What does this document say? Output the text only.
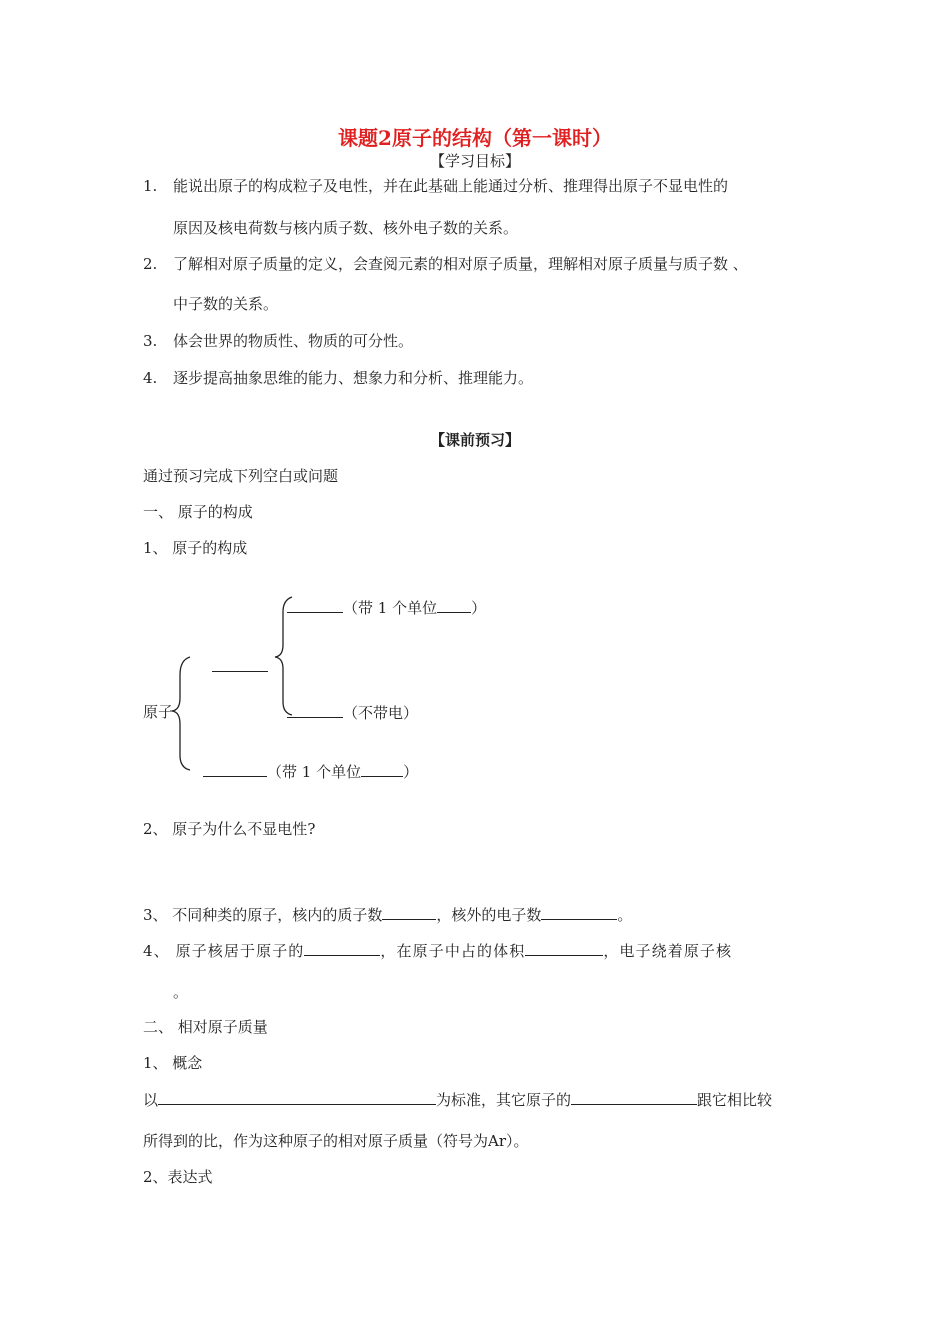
课题2原子的结构（第一课时）
【学习目标】
1. 能说出原子的构成粒子及电性，并在此基础上能通过分析、推理得出原子不显电性的
原因及核电荷数与核内质子数、核外电子数的关系。
2. 了解相对原子质量的定义，会查阅元素的相对原子质量，理解相对原子质量与质子数 、
中子数的关系。
3. 体会世界的物质性、物质的可分性。
4. 逐步提高抽象思维的能力、想象力和分析、推理能力。
【课前预习】
通过预习完成下列空白或问题
一、 原子的构成
1、 原子的构成
（带 1 个单位 ）
原子	（不带电）
（带 1 个单位	）
2、 原子为什么不显电性?
3、 不同种类的原子，核内的质子数	，核外的电子数	。
4、 原子核居于原子的	，在原子中占的体积	，电子绕着原子核
。
二、 相对原子质量
1、 概念
以	为标准，其它原子的	跟它相比较
所得到的比，作为这种原子的相对原子质量（符号为Ar）。
2、表达式
